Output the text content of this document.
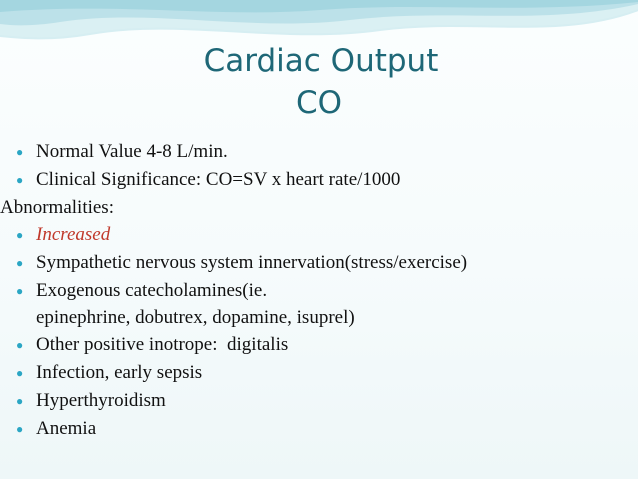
Cardiac Output
CO
● Normal Value 4-8 L/min.
● Clinical Significance: CO=SV x heart rate/1000
Abnormalities:
● Increased
● Sympathetic nervous system innervation(stress/exercise)
● Exogenous catecholamines(ie.
epinephrine, dobutrex, dopamine, isuprel)
● Other positive inotrope:  digitalis
● Infection, early sepsis
● Hyperthyroidism
● Anemia
